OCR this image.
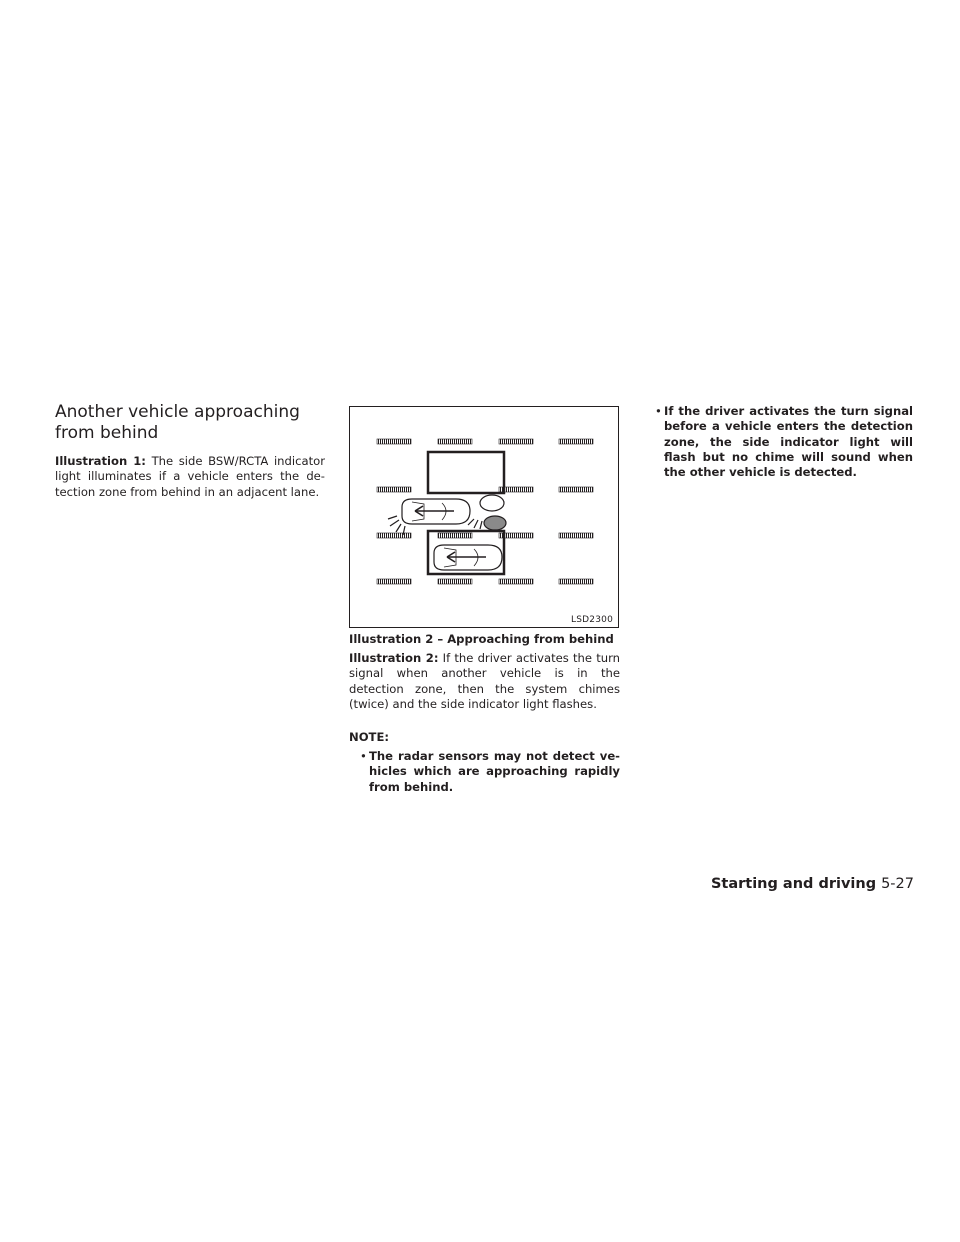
Another vehicle approaching
from behind

Illustration 1: The side BSW/RCTA indicator light illuminates if a vehicle enters the de-tection zone from behind in an adjacent lane.

LSD2300

Illustration 2 – Approaching from behind

Illustration 2: If the driver activates the turn signal when another vehicle is in the detection zone, then the system chimes (twice) and the side indicator light flashes.

NOTE:
• The radar sensors may not detect ve-hicles which are approaching rapidly from behind.
• If the driver activates the turn signal before a vehicle enters the detection zone, the side indicator light will flash but no chime will sound when the other vehicle is detected.
Starting and driving 5-27
